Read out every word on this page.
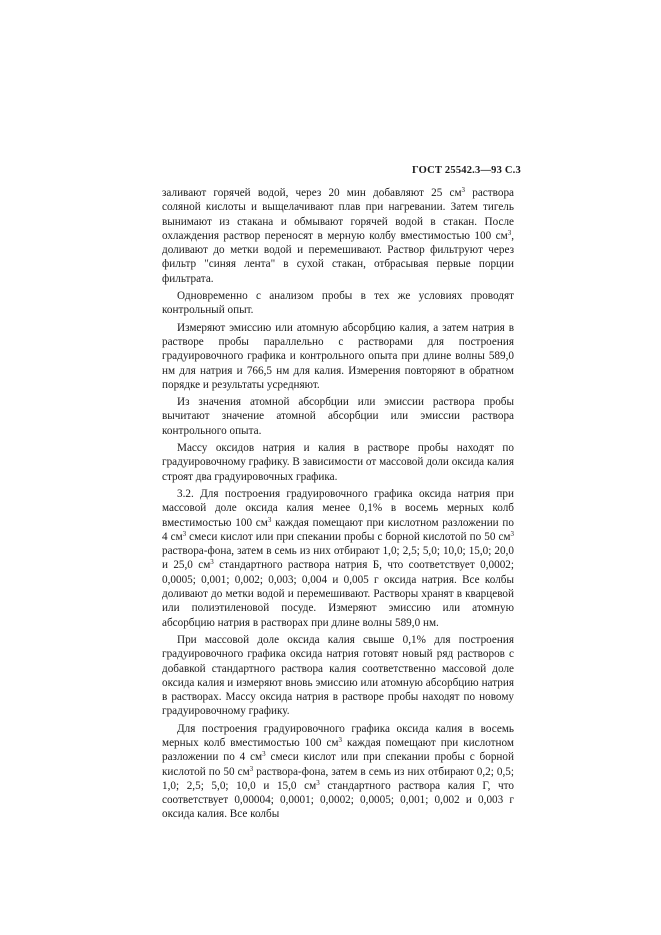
ГОСТ 25542.3—93 С.3

заливают горячей водой, через 20 мин добавляют 25 $см^3$ раствора соляной кислоты и выщелачивают плав при нагревании. Затем тигель вынимают из стакана и обмывают горячей водой в стакан. После охлаждения раствор переносят в мерную колбу вместимостью 100 $см^3$, доливают до метки водой и перемешивают. Раствор фильтруют через фильтр "синяя лента" в сухой стакан, отбрасывая первые порции фильтрата.

Одновременно с анализом пробы в тех же условиях проводят контрольный опыт.

Измеряют эмиссию или атомную абсорбцию калия, а затем натрия в растворе пробы параллельно с растворами для построения градуировочного графика и контрольного опыта при длине волны 589,0 нм для натрия и 766,5 нм для калия. Измерения повторяют в обратном порядке и результаты усредняют.

Из значения атомной абсорбции или эмиссии раствора пробы вычитают значение атомной абсорбции или эмиссии раствора контрольного опыта.

Массу оксидов натрия и калия в растворе пробы находят по градуировочному графику. В зависимости от массовой доли оксида калия строят два градуировочных графика.

3.2. Для построения градуировочного графика оксида натрия при массовой доле оксида калия менее 0,1% в восемь мерных колб вместимостью 100 $см^3$ каждая помещают при кислотном разложении по 4 $см^3$ смеси кислот или при спекании пробы с борной кислотой по 50 $см^3$ раствора-фона, затем в семь из них отбирают 1,0; 2,5; 5,0; 10,0; 15,0; 20,0 и 25,0 $см^3$ стандартного раствора натрия Б, что соответствует 0,0002; 0,0005; 0,001; 0,002; 0,003; 0,004 и 0,005 г оксида натрия. Все колбы доливают до метки водой и перемешивают. Растворы хранят в кварцевой или полиэтиленовой посуде. Измеряют эмиссию или атомную абсорбцию натрия в растворах при длине волны 589,0 нм.

При массовой доле оксида калия свыше 0,1% для построения градуировочного графика оксида натрия готовят новый ряд растворов с добавкой стандартного раствора калия соответственно массовой доле оксида калия и измеряют вновь эмиссию или атомную абсорбцию натрия в растворах. Массу оксида натрия в растворе пробы находят по новому градуировочному графику.

Для построения градуировочного графика оксида калия в восемь мерных колб вместимостью 100 $см^3$ каждая помещают при кислотном разложении по 4 $см^3$ смеси кислот или при спекании пробы с борной кислотой по 50 $см^3$ раствора-фона, затем в семь из них отбирают 0,2; 0,5; 1,0; 2,5; 5,0; 10,0 и 15,0 $см^3$ стандартного раствора калия Г, что соответствует 0,00004; 0,0001; 0,0002; 0,0005; 0,001; 0,002 и 0,003 г оксида калия. Все колбы
